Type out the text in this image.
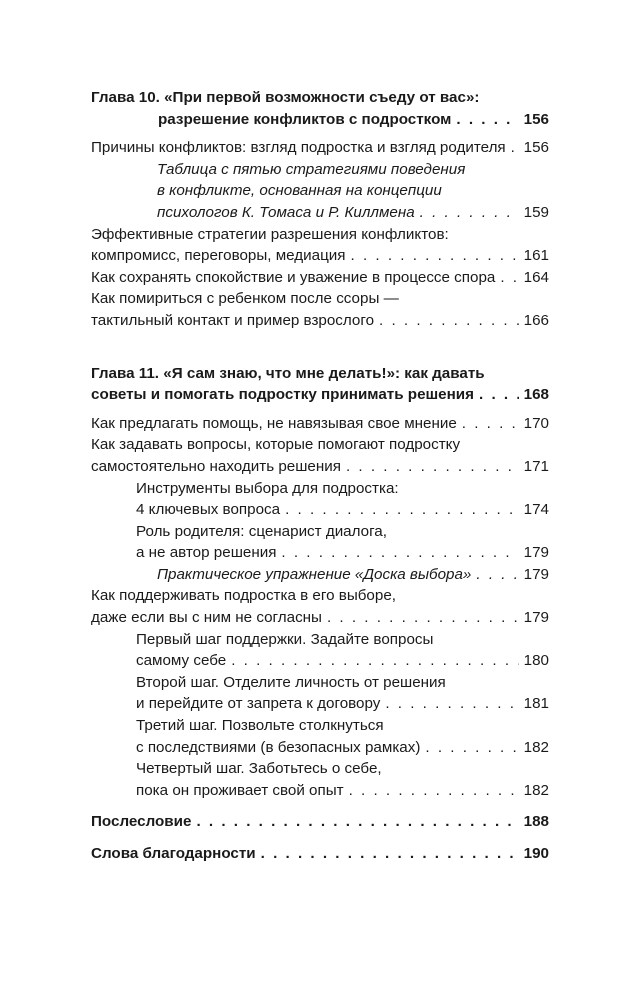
Глава 10. «При первой возможности съеду от вас»:
разрешение конфликтов с подростком . . .	156
Причины конфликтов: взгляд подростка и взгляд родителя . . . 156
Таблица с пятью стратегиями поведения
в конфликте, основанная на концепции
психологов К. Томаса и Р. Киллмена . . .	159
Эффективные стратегии разрешения конфликтов:
компромисс, переговоры, медиация . . .	161
Как сохранять спокойствие и уважение в процессе спора . . . 164
Как помириться с ребенком после ссоры —
тактильный контакт и пример взрослого . . .	166
Глава 11. «Я сам знаю, что мне делать!»: как давать
советы и помогать подростку принимать решения . . .	168
Как предлагать помощь, не навязывая свое мнение . . .	170
Как задавать вопросы, которые помогают подростку
самостоятельно находить решения . . .	171
Инструменты выбора для подростка:
4 ключевых вопроса . . .	174
Роль родителя: сценарист диалога,
а не автор решения . . .	179
Практическое упражнение «Доска выбора» . . .	179
Как поддерживать подростка в его выборе,
даже если вы с ним не согласны . . .	179
Первый шаг поддержки. Задайте вопросы
самому себе . . .	180
Второй шаг. Отделите личность от решения
и перейдите от запрета к договору . . .	181
Третий шаг. Позвольте столкнуться
с последствиями (в безопасных рамках) . . .	182
Четвертый шаг. Заботьтесь о себе,
пока он проживает свой опыт . . .	182
Послесловие . . .	188
Слова благодарности . . .	190
